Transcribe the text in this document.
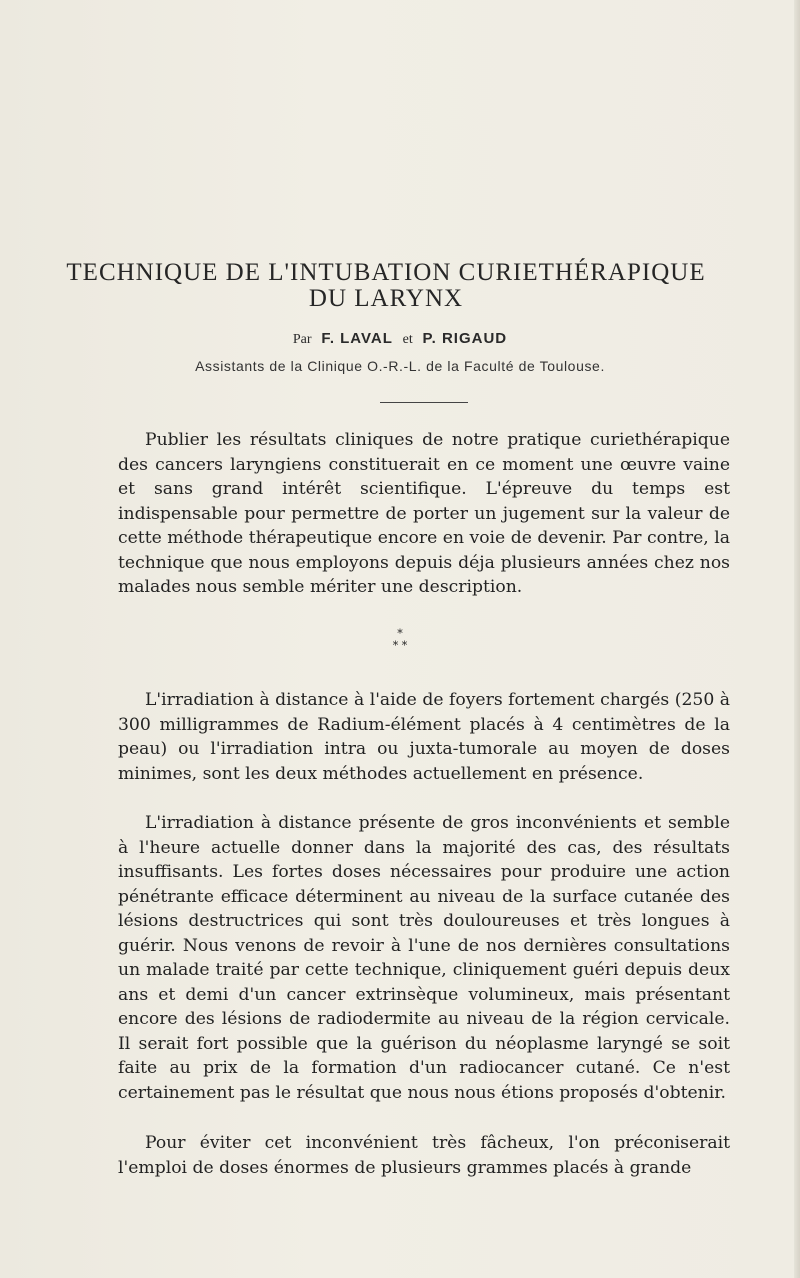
TECHNIQUE DE L'INTUBATION CURIETHÉRAPIQUE
DU LARYNX
Par F. LAVAL et P. RIGAUD
Assistants de la Clinique O.-R.-L. de la Faculté de Toulouse.

Publier les résultats cliniques de notre pratique curiethérapique des cancers laryngiens constituerait en ce moment une œuvre vaine et sans grand intérêt scientifique. L'épreuve du temps est indispensable pour permettre de porter un jugement sur la valeur de cette méthode thérapeutique encore en voie de devenir. Par contre, la technique que nous employons depuis déja plusieurs années chez nos malades nous semble mériter une description.

*
* *

L'irradiation à distance à l'aide de foyers fortement chargés (250 à 300 milligrammes de Radium-élément placés à 4 centimètres de la peau) ou l'irradiation intra ou juxta-tumorale au moyen de doses minimes, sont les deux méthodes actuellement en présence.

L'irradiation à distance présente de gros inconvénients et semble à l'heure actuelle donner dans la majorité des cas, des résultats insuffisants. Les fortes doses nécessaires pour produire une action pénétrante efficace déterminent au niveau de la surface cutanée des lésions destructrices qui sont très douloureuses et très longues à guérir. Nous venons de revoir à l'une de nos dernières consultations un malade traité par cette technique, cliniquement guéri depuis deux ans et demi d'un cancer extrinsèque volumineux, mais présentant encore des lésions de radiodermite au niveau de la région cervicale. Il serait fort possible que la guérison du néoplasme laryngé se soit faite au prix de la formation d'un radiocancer cutané. Ce n'est certainement pas le résultat que nous nous étions proposés d'obtenir.

Pour éviter cet inconvénient très fâcheux, l'on préconiserait l'emploi de doses énormes de plusieurs grammes placés à grande
